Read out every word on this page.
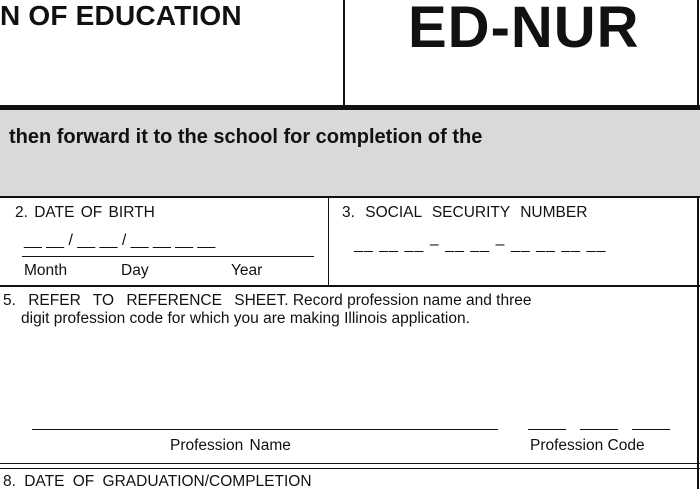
N OF EDUCATION	ED-NUR
then forward it to the school for completion of the
2. DATE OF BIRTH
__ __ / __ __ / __ __ __ __
Month	Day	Year
3. SOCIAL SECURITY NUMBER
__ __ __ – __ __ – __ __ __ __
5. REFER TO REFERENCE SHEET. Record profession name and three
digit profession code for which you are making Illinois application.
Profession Name	Profession Code
8. DATE OF GRADUATION/COMPLETION
